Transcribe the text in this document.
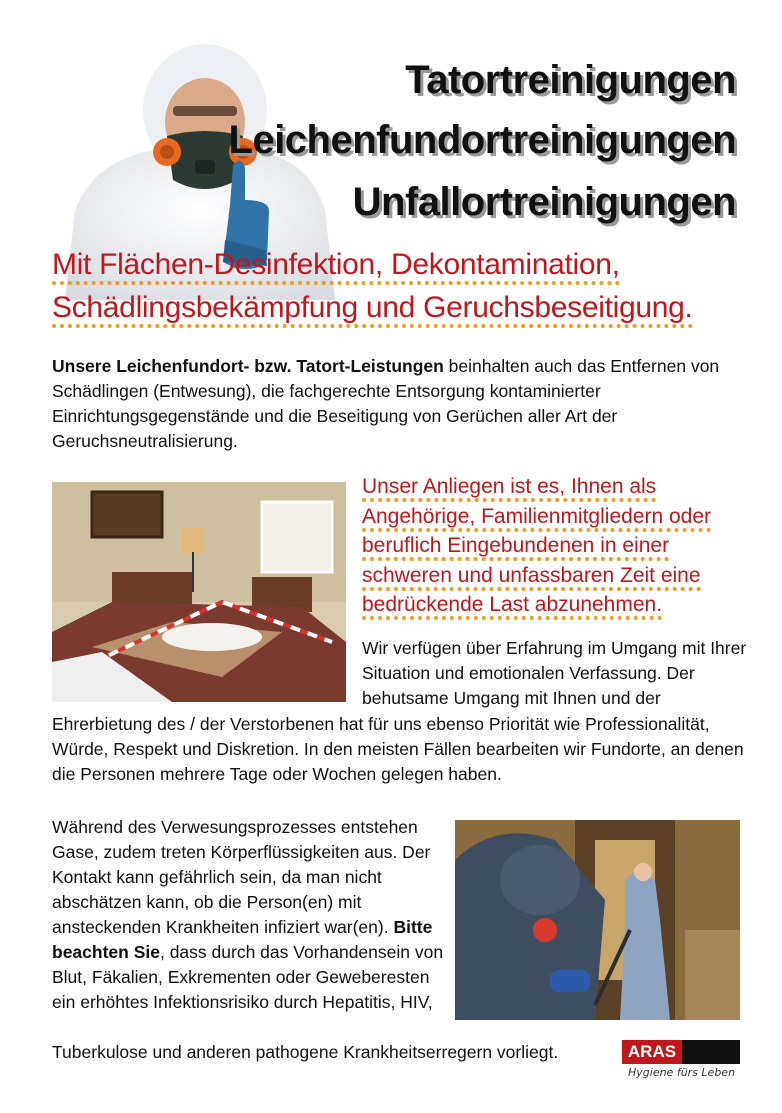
Tatortreinigungen
Leichenfundortreinigungen
Unfallortreinigungen
Mit Flächen-Desinfektion, Dekontamination,
Schädlingsbekämpfung und Geruchsbeseitigung.
Unsere Leichenfundort- bzw. Tatort-Leistungen beinhalten auch das Entfernen von Schädlingen (Entwesung), die fachgerechte Entsorgung kontaminierter Einrichtungsgegenstände und die Beseitigung von Gerüchen aller Art der Geruchsneutralisierung.
Unser Anliegen ist es, Ihnen als
Angehörige, Familienmitgliedern oder
beruflich Eingebundenen in einer
schweren und unfassbaren Zeit eine
bedrückende Last abzunehmen.
Wir verfügen über Erfahrung im Umgang mit Ihrer Situation und emotionalen Verfassung. Der behutsame Umgang mit Ihnen und der
Ehrerbietung des / der Verstorbenen hat für uns ebenso Priorität wie Professionalität, Würde, Respekt und Diskretion. In den meisten Fällen bearbeiten wir Fundorte, an denen die Personen mehrere Tage oder Wochen gelegen haben.
Während des Verwesungsprozesses entstehen Gase, zudem treten Körperflüssigkeiten aus. Der Kontakt kann gefährlich sein, da man nicht abschätzen kann, ob die Person(en) mit ansteckenden Krankheiten infiziert war(en). Bitte beachten Sie, dass durch das Vorhandensein von Blut, Fäkalien, Exkrementen oder Geweberesten ein erhöhtes Infektionsrisiko durch Hepatitis, HIV,
Tuberkulose und anderen pathogene Krankheitserregern vorliegt.	ARAS
Hygiene fürs Leben
